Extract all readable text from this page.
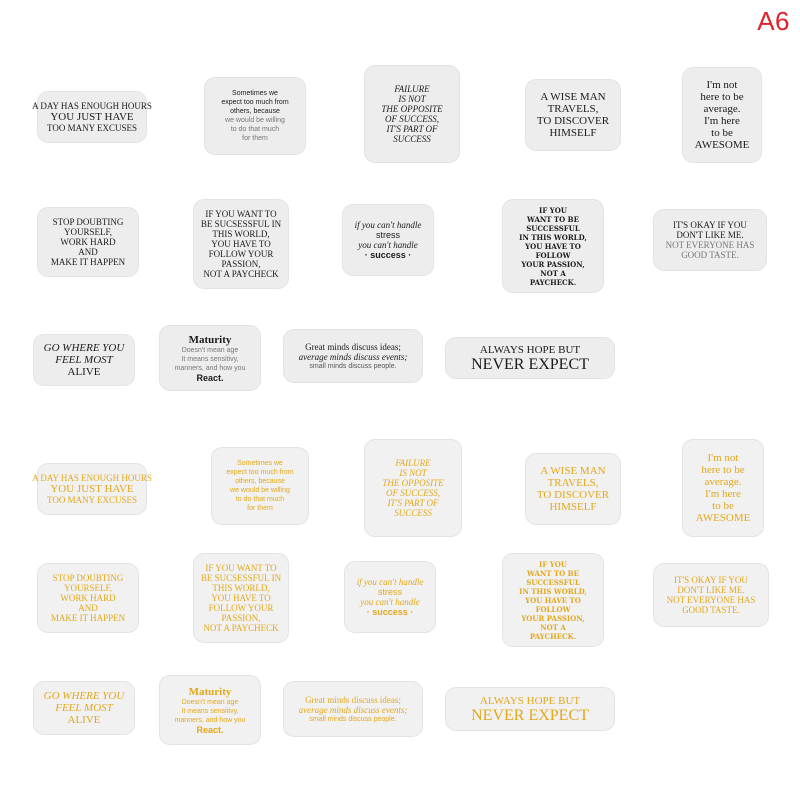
A6
A DAY HAS ENOUGH HOURS
YOU JUST HAVE
TOO MANY EXCUSES
Sometimes we
expect too much from
others, because
we would be willing
to do that much
for them
FAILURE
IS NOT
THE OPPOSITE
OF SUCCESS,
IT'S PART OF
SUCCESS
A WISE MAN
TRAVELS,
TO DISCOVER
HIMSELF
I'm not
here to be
average.
I'm here
to be
AWESOME
STOP DOUBTING
YOURSELF,
WORK HARD
AND
MAKE IT HAPPEN
IF YOU WANT TO
BE SUCSESSFUL IN
THIS WORLD,
YOU HAVE TO
FOLLOW YOUR
PASSION,
NOT A PAYCHECK
if you can't handle
stress
you can't handle
· success ·
IF YOU
WANT TO BE
SUCCESSFUL
IN THIS WORLD,
YOU HAVE TO
FOLLOW
YOUR PASSION,
NOT A
PAYCHECK.
IT'S OKAY IF YOU
DON'T LIKE ME.
NOT EVERYONE HAS
GOOD TASTE.
GO WHERE YOU
FEEL MOST
ALIVE
Maturity
Doesn't mean age
It means sensitivy,
manners, and how you
React.
Great minds discuss ideas;
average minds discuss events;
small minds discuss people.
ALWAYS HOPE BUT
NEVER EXPECT
A DAY HAS ENOUGH HOURS
YOU JUST HAVE
TOO MANY EXCUSES
Sometimes we
expect too much from
others, because
we would be willing
to do that much
for them
FAILURE
IS NOT
THE OPPOSITE
OF SUCCESS,
IT'S PART OF
SUCCESS
A WISE MAN
TRAVELS,
TO DISCOVER
HIMSELF
I'm not
here to be
average.
I'm here
to be
AWESOME
STOP DOUBTING
YOURSELF,
WORK HARD
AND
MAKE IT HAPPEN
IF YOU WANT TO
BE SUCSESSFUL IN
THIS WORLD,
YOU HAVE TO
FOLLOW YOUR
PASSION,
NOT A PAYCHECK
if you can't handle
stress
you can't handle
· success ·
IF YOU
WANT TO BE
SUCCESSFUL
IN THIS WORLD,
YOU HAVE TO
FOLLOW
YOUR PASSION,
NOT A
PAYCHECK.
IT'S OKAY IF YOU
DON'T LIKE ME.
NOT EVERYONE HAS
GOOD TASTE.
GO WHERE YOU
FEEL MOST
ALIVE
Maturity
Doesn't mean age
It means sensitivy,
manners, and how you
React.
Great minds discuss ideas;
average minds discuss events;
small minds discuss people.
ALWAYS HOPE BUT
NEVER EXPECT
